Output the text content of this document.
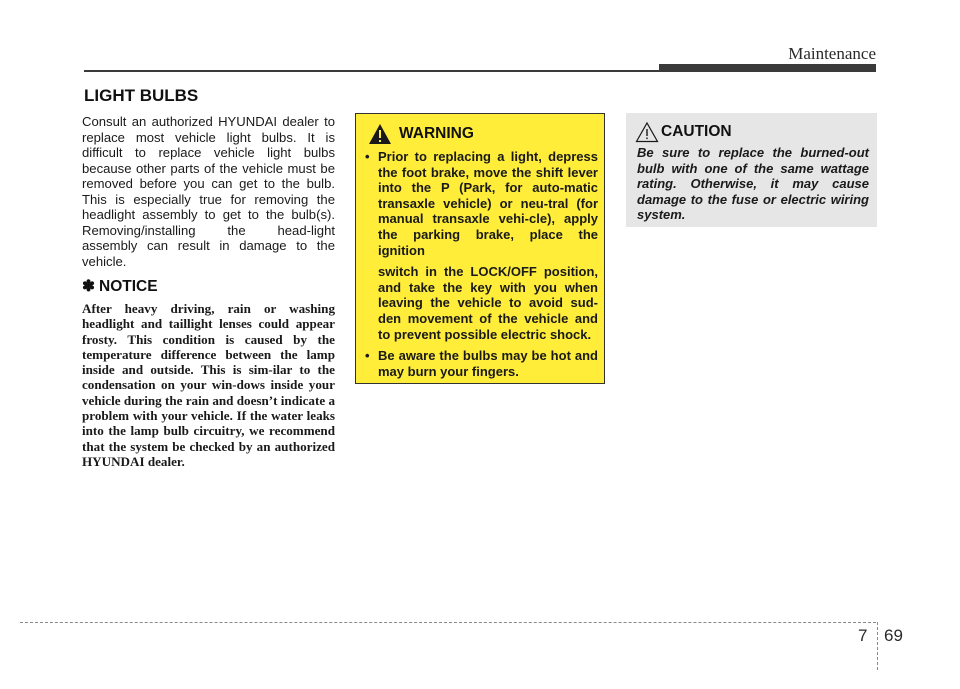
Maintenance
LIGHT BULBS
Consult an authorized HYUNDAI dealer to replace most vehicle light bulbs. It is difficult to replace vehicle light bulbs because other parts of the vehicle must be removed before you can get to the bulb. This is especially true for removing the headlight assembly to get to the bulb(s). Removing/installing the head-light assembly can result in damage to the vehicle.
✽ NOTICE
After heavy driving, rain or washing headlight and taillight lenses could appear frosty. This condition is caused by the temperature difference between the lamp inside and outside. This is sim-ilar to the condensation on your win-dows inside your vehicle during the rain and doesn’t indicate a problem with your vehicle. If the water leaks into the lamp bulb circuitry, we recommend that the system be checked by an authorized HYUNDAI dealer.
WARNING

• Prior to replacing a light, depress the foot brake, move the shift lever into the P (Park, for auto-matic transaxle vehicle) or neu-tral (for manual transaxle vehi-cle), apply the parking brake, place the ignition

switch in the LOCK/OFF position, and take the key with you when leaving the vehicle to avoid sud-den movement of the vehicle and to prevent possible electric shock.

• Be aware the bulbs may be hot and may burn your fingers.

CAUTION
Be sure to replace the burned-out bulb with one of the same wattage rating. Otherwise, it may cause damage to the fuse or electric wiring system.
7 69
